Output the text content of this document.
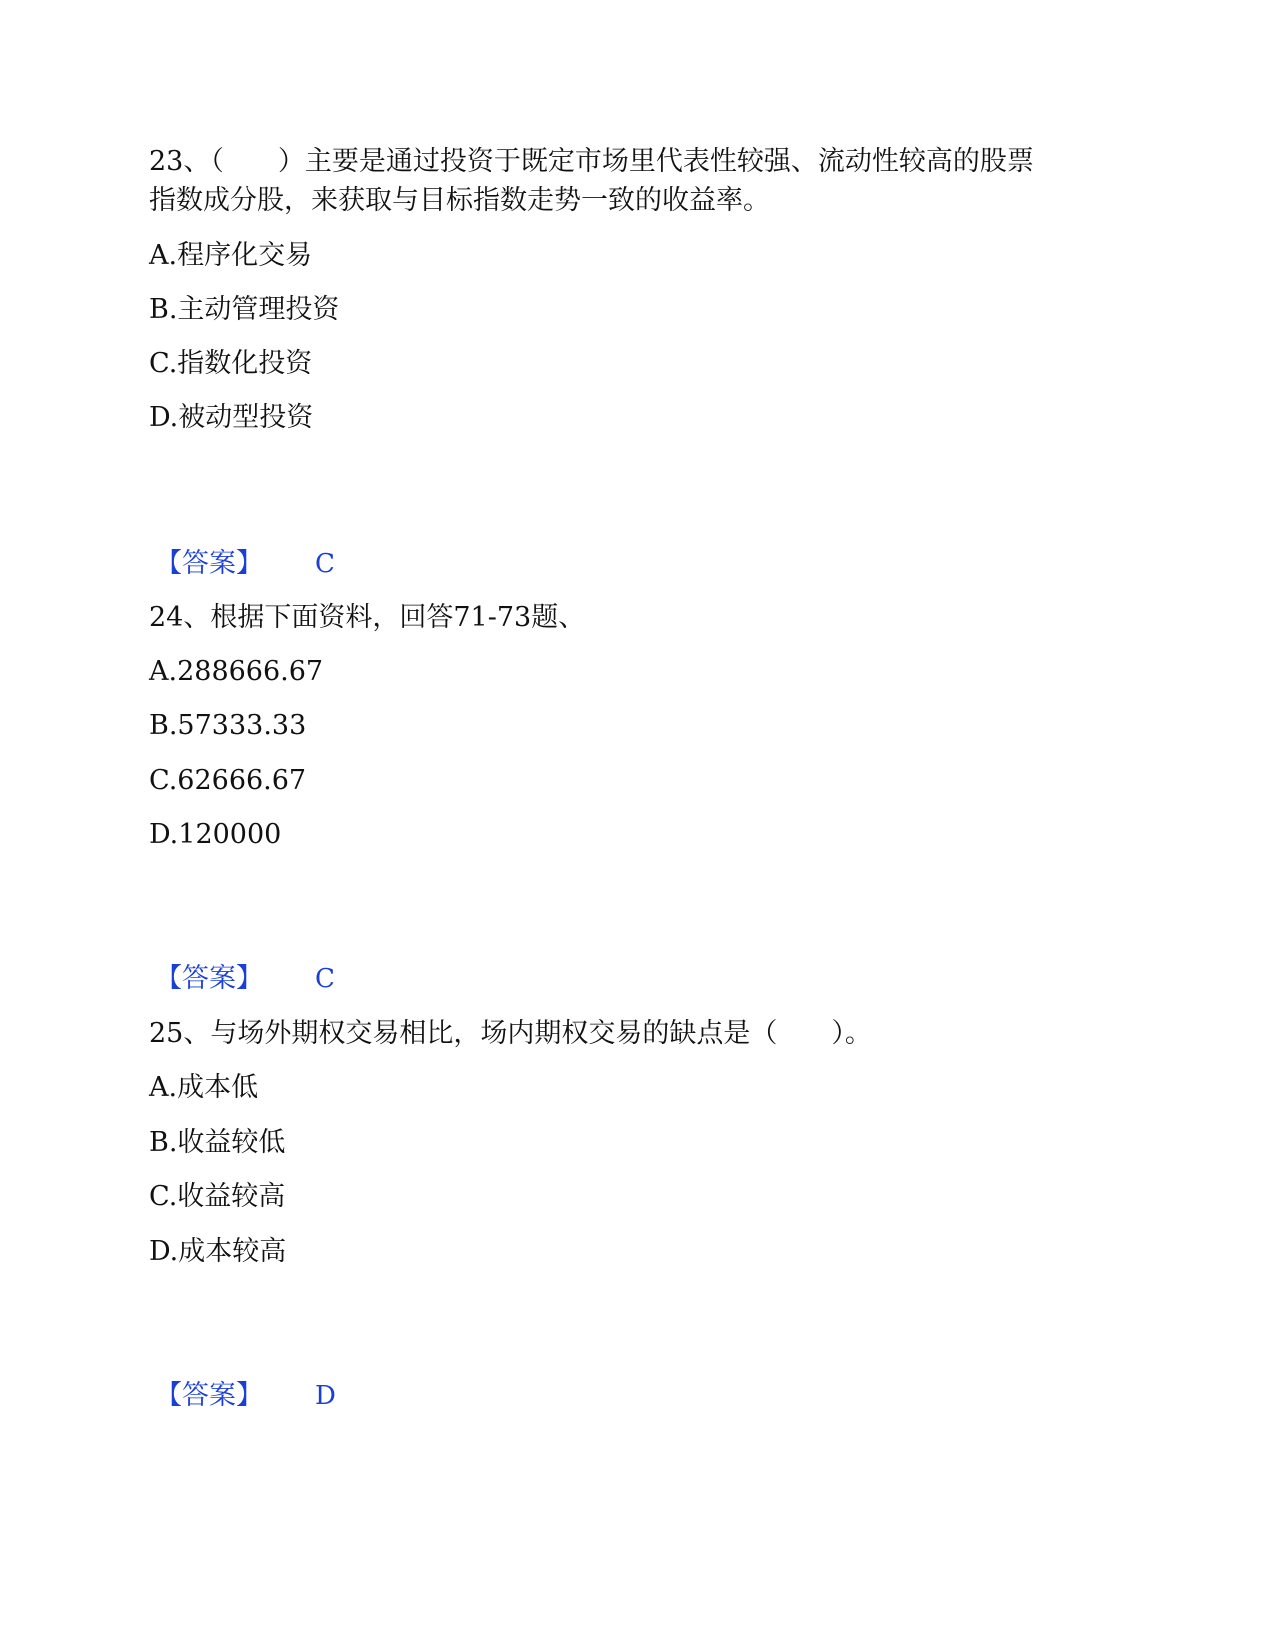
23、（　　）主要是通过投资于既定市场里代表性较强、流动性较高的股票
指数成分股，来获取与目标指数走势一致的收益率。
A.程序化交易
B.主动管理投资
C.指数化投资
D.被动型投资
【答案】 C
24、根据下面资料，回答71-73题、
A.288666.67
B.57333.33
C.62666.67
D.120000
【答案】 C
25、与场外期权交易相比，场内期权交易的缺点是（　　）。
A.成本低
B.收益较低
C.收益较高
D.成本较高
【答案】 D
